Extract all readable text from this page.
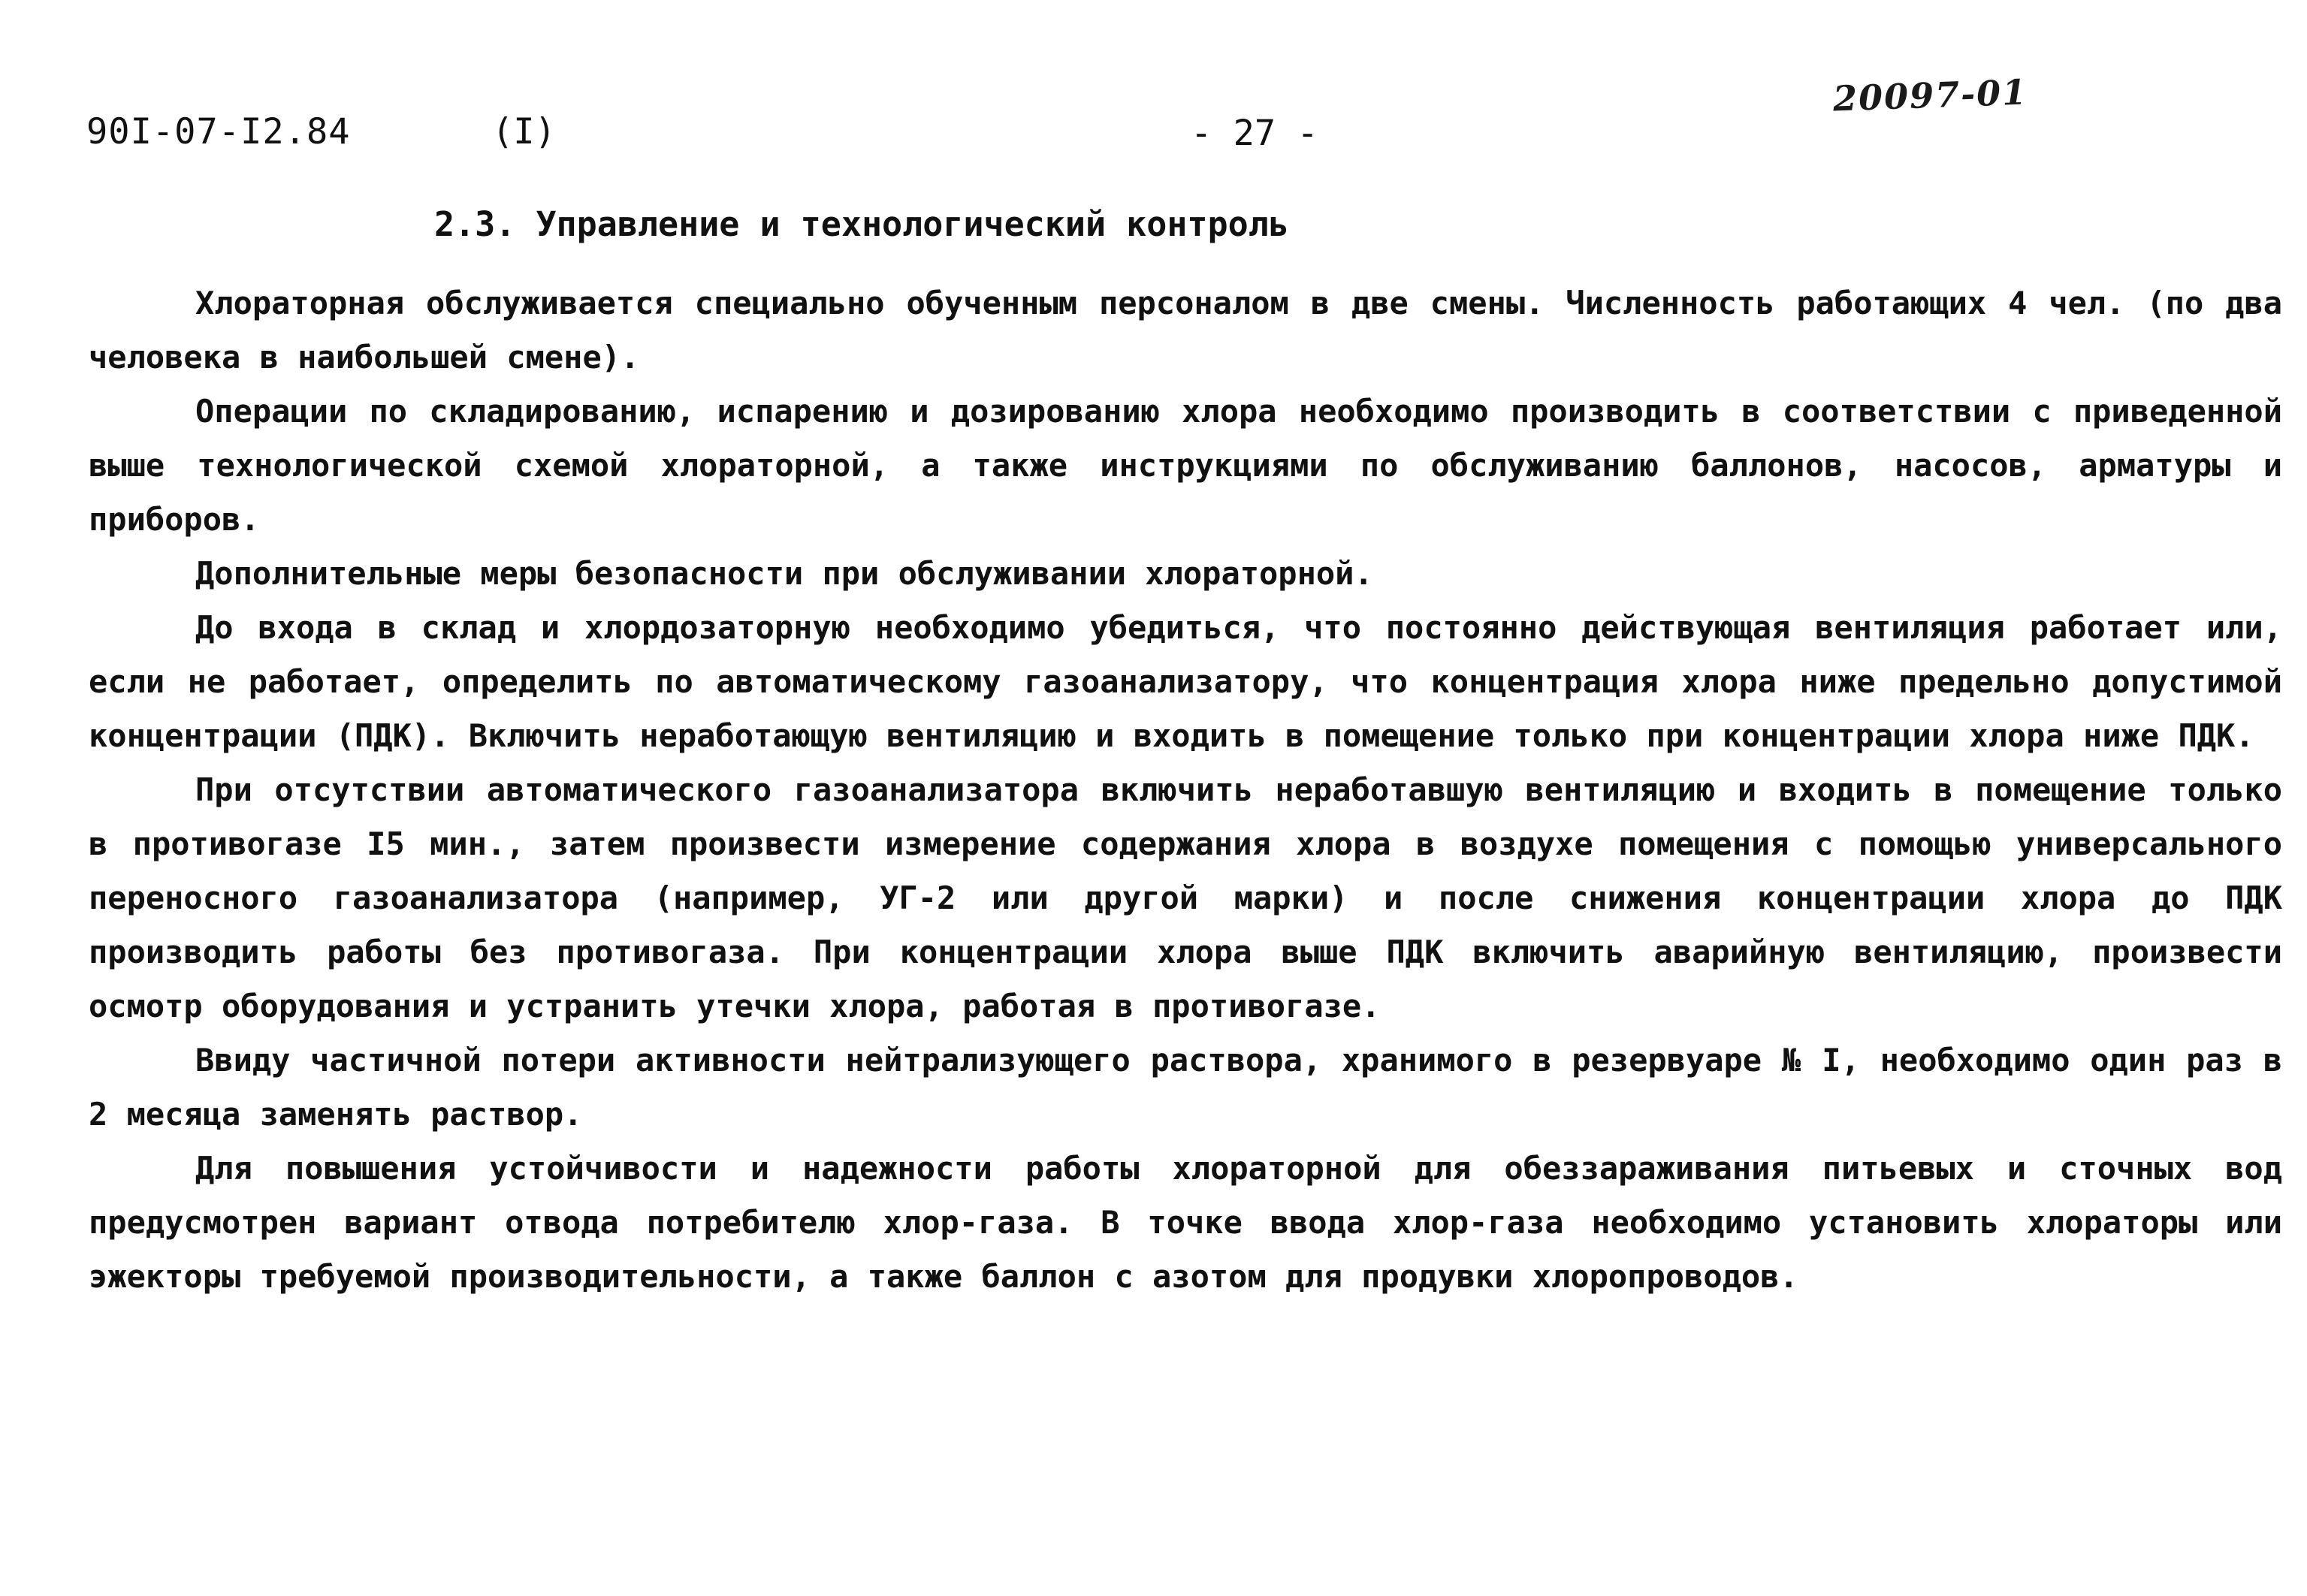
90I-07-I2.84	(I)	- 27 -
20097-01
2.3. Управление и технологический контроль

Хлораторная обслуживается специально обученным персоналом в две смены. Численность работающих 4 чел. (по два человека в наибольшей смене).

Операции по складированию, испарению и дозированию хлора необходимо производить в соответствии с приведенной выше технологической схемой хлораторной, а также инструкциями по обслуживанию баллонов, насосов, арматуры и приборов.

Дополнительные меры безопасности при обслуживании хлораторной.

До входа в склад и хлордозаторную необходимо убедиться, что постоянно действующая вентиляция работает или, если не работает, определить по автоматическому газоанализатору, что концентрация хлора ниже предельно допустимой концентрации (ПДК). Включить неработающую вентиляцию и входить в помещение только при концентрации хлора ниже ПДК.

При отсутствии автоматического газоанализатора включить неработавшую вентиляцию и входить в помещение только в противогазе I5 мин., затем произвести измерение содержания хлора в воздухе помещения с помощью универсального переносного газоанализатора (например, УГ-2 или другой марки) и после снижения концентрации хлора до ПДК производить работы без противогаза. При концентрации хлора выше ПДК включить аварийную вентиляцию, произвести осмотр оборудования и устранить утечки хлора, работая в противогазе.

Ввиду частичной потери активности нейтрализующего раствора, хранимого в резервуаре № I, необходимо один раз в 2 месяца заменять раствор.

Для повышения устойчивости и надежности работы хлораторной для обеззараживания питьевых и сточных вод предусмотрен вариант отвода потребителю хлор-газа. В точке ввода хлор-газа необходимо установить хлораторы или эжекторы требуемой производительности, а также баллон с азотом для продувки хлоропроводов.
